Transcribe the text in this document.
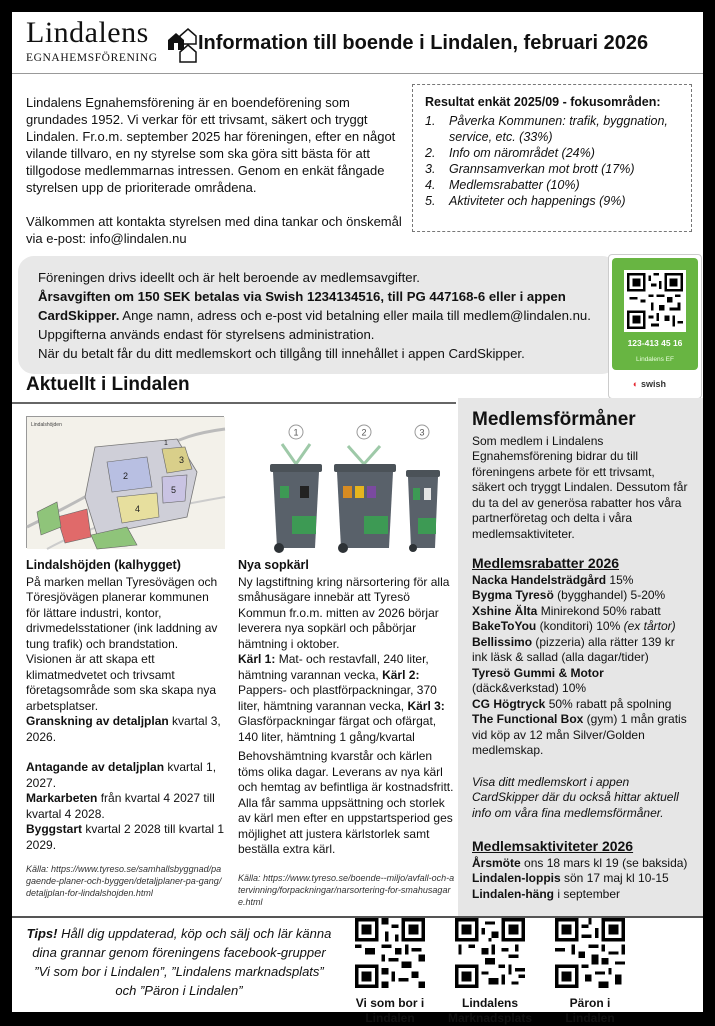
Lindalens
EGNAHEMSFÖRENING
Information till boende i Lindalen, februari 2026

Lindalens Egnahemsförening är en boendeförening som grundades 1952. Vi verkar för ett trivsamt, säkert och tryggt Lindalen. Fr.o.m. september 2025 har föreningen, efter en något vilande tillvaro, en ny styrelse som ska göra sitt bästa för att tillgodose medlemmarnas intressen. Genom en enkät fångade styrelsen upp de prioriterade områdena.

Välkommen att kontakta styrelsen med dina tankar och önskemål via e-post: info@lindalen.nu

Resultat enkät 2025/09 - fokusområden:
1.	Påverka Kommunen: trafik, byggnation, service, etc. (33%)
2.	Info om närområdet (24%)
3.	Grannsamverkan mot brott (17%)
4.	Medlemsrabatter (10%)
5.	Aktiviteter och happenings (9%)
Föreningen drivs ideellt och är helt beroende av medlemsavgifter.
Årsavgiften om 150 SEK betalas via Swish 1234134516, till PG 447168-6 eller i appen CardSkipper. Ange namn, adress och e-post vid betalning eller maila till medlem@lindalen.nu. Uppgifterna används endast för styrelsens administration.
När du betalt får du ditt medlemskort och tillgång till innehållet i appen CardSkipper.
123-413 45 16
Lindalens EF
◐ swish
Aktuellt i Lindalen
Lindalshöjden
1
2
3
4
5
1	2	3
Lindalshöjden (kalhygget)

På marken mellan Tyresövägen och Töresjövägen planerar kommunen för lättare industri, kontor, drivmedelsstationer (ink laddning av tung trafik) och brandstation. Visionen är att skapa ett klimatmedvetet och trivsamt företagsområde som ska skapa nya arbetsplatser.

Granskning av detaljplan kvartal 3, 2026.

Antagande av detaljplan kvartal 1, 2027.

Markarbeten från kvartal 4 2027 till kvartal 4 2028.

Byggstart kvartal 2 2028 till kvartal 1 2029.

Källa: https://www.tyreso.se/samhallsbyggnad/pagaende-planer-och-byggen/detaljplaner-pa-gang/detaljplan-for-lindalshojden.html

Nya sopkärl

Ny lagstiftning kring närsortering för alla småhusägare innebär att Tyresö Kommun fr.o.m. mitten av 2026 börjar leverera nya sopkärl och påbörjar hämtning i oktober.

Kärl 1: Mat- och restavfall, 240 liter, hämtning varannan vecka, Kärl 2: Pappers- och plastförpackningar, 370 liter, hämtning varannan vecka, Kärl 3: Glasförpackningar färgat och ofärgat, 140 liter, hämtning 1 gång/kvartal

Behovshämtning kvarstår och kärlen töms olika dagar. Leverans av nya kärl och hemtag av befintliga är kostnadsfritt. Alla får samma uppsättning och storlek av kärl men efter en uppstartsperiod ges möjlighet att justera kärlstorlek samt beställa extra kärl.

Källa: https://www.tyreso.se/boende--miljo/avfall-och-atervinning/forpackningar/narsortering-for-smahusagare.html

Medlemsförmåner

Som medlem i Lindalens Egnahemsförening bidrar du till föreningens arbete för ett trivsamt, säkert och tryggt Lindalen. Dessutom får du ta del av generösa rabatter hos våra partnerföretag och delta i våra medlemsaktiviteter.

Medlemsrabatter 2026
Nacka Handelsträdgård 15%
Bygma Tyresö (bygghandel) 5-20%
Xshine Älta Minirekond 50% rabatt
BakeToYou (konditori) 10% (ex tårtor)
Bellissimo (pizzeria) alla rätter 139 kr ink läsk & sallad (alla dagar/tider)
Tyresö Gummi & Motor (däck&verkstad) 10%
CG Högtryck 50% rabatt på spolning
The Functional Box (gym) 1 mån gratis vid köp av 12 mån Silver/Golden medlemskap.

Visa ditt medlemskort i appen CardSkipper där du också hittar aktuell info om våra fina medlemsförmåner.

Medlemsaktiviteter 2026
Årsmöte ons 18 mars kl 19 (se baksida)
Lindalen-loppis sön 17 maj kl 10-15
Lindalen-häng i september
Tips! Håll dig uppdaterad, köp och sälj och lär känna dina grannar genom föreningens facebook-grupper ”Vi som bor i Lindalen”, ”Lindalens marknadsplats” och ”Päron i Lindalen”
Vi som bor i Lindalen
Lindalens Marknadsplats
Päron i Lindalen
